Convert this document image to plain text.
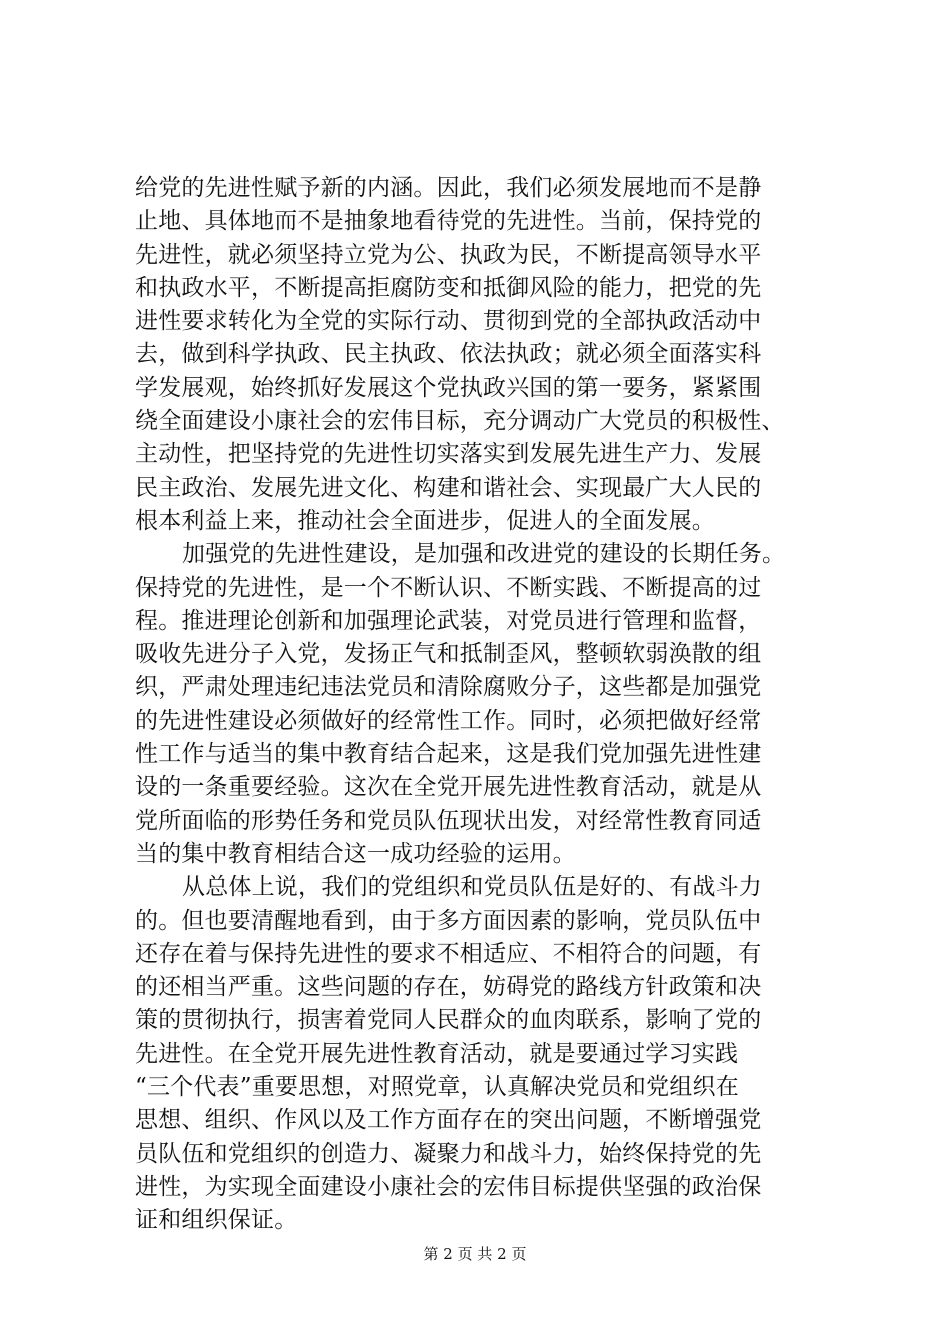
给党的先进性赋予新的内涵。因此，我们必须发展地而不是静
止地、具体地而不是抽象地看待党的先进性。当前，保持党的
先进性，就必须坚持立党为公、执政为民，不断提高领导水平
和执政水平，不断提高拒腐防变和抵御风险的能力，把党的先
进性要求转化为全党的实际行动、贯彻到党的全部执政活动中
去，做到科学执政、民主执政、依法执政；就必须全面落实科
学发展观，始终抓好发展这个党执政兴国的第一要务，紧紧围
绕全面建设小康社会的宏伟目标，充分调动广大党员的积极性、
主动性，把坚持党的先进性切实落实到发展先进生产力、发展
民主政治、发展先进文化、构建和谐社会、实现最广大人民的
根本利益上来，推动社会全面进步，促进人的全面发展。

加强党的先进性建设，是加强和改进党的建设的长期任务。
保持党的先进性，是一个不断认识、不断实践、不断提高的过
程。推进理论创新和加强理论武装，对党员进行管理和监督，
吸收先进分子入党，发扬正气和抵制歪风，整顿软弱涣散的组
织，严肃处理违纪违法党员和清除腐败分子，这些都是加强党
的先进性建设必须做好的经常性工作。同时，必须把做好经常
性工作与适当的集中教育结合起来，这是我们党加强先进性建
设的一条重要经验。这次在全党开展先进性教育活动，就是从
党所面临的形势任务和党员队伍现状出发，对经常性教育同适
当的集中教育相结合这一成功经验的运用。

从总体上说，我们的党组织和党员队伍是好的、有战斗力
的。但也要清醒地看到，由于多方面因素的影响，党员队伍中
还存在着与保持先进性的要求不相适应、不相符合的问题，有
的还相当严重。这些问题的存在，妨碍党的路线方针政策和决
策的贯彻执行，损害着党同人民群众的血肉联系，影响了党的
先进性。在全党开展先进性教育活动，就是要通过学习实践
“三个代表”重要思想，对照党章，认真解决党员和党组织在
思想、组织、作风以及工作方面存在的突出问题，不断增强党
员队伍和党组织的创造力、凝聚力和战斗力，始终保持党的先
进性，为实现全面建设小康社会的宏伟目标提供坚强的政治保
证和组织保证。

第 2 页 共 2 页
